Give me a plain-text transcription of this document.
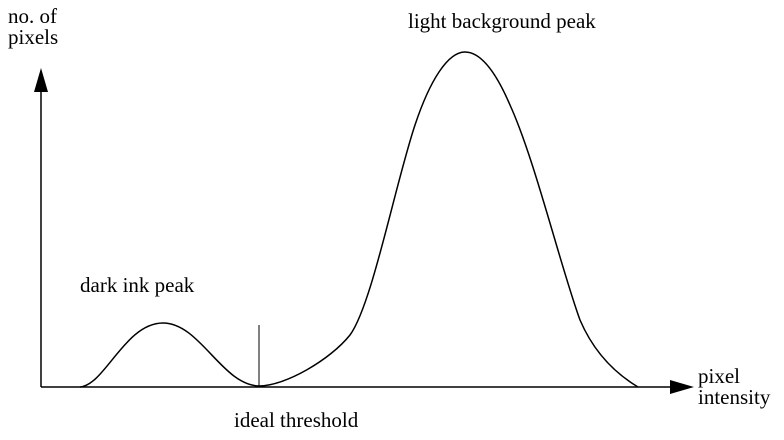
no. of
pixels
pixel
intensity
dark ink peak
light background peak
ideal threshold
